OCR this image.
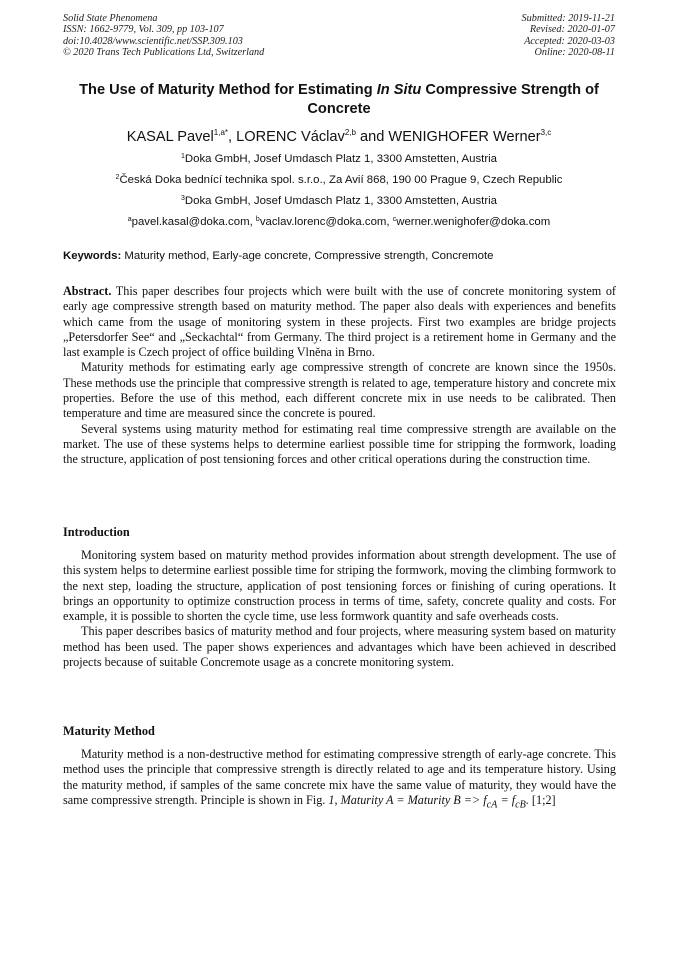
Solid State Phenomena
ISSN: 1662-9779, Vol. 309, pp 103-107
doi:10.4028/www.scientific.net/SSP.309.103
© 2020 Trans Tech Publications Ltd, Switzerland
Submitted: 2019-11-21
Revised: 2020-01-07
Accepted: 2020-03-03
Online: 2020-08-11
The Use of Maturity Method for Estimating In Situ Compressive Strength of Concrete
KASAL Pavel$^{1,a*}$, LORENC Václav$^{2,b}$ and WENIGHOFER Werner$^{3,c}$
$^1$Doka GmbH, Josef Umdasch Platz 1, 3300 Amstetten, Austria
$^2$Česká Doka bednící technika spol. s.r.o., Za Avií 868, 190 00 Prague 9, Czech Republic
$^3$Doka GmbH, Josef Umdasch Platz 1, 3300 Amstetten, Austria
$^a$pavel.kasal@doka.com, $^b$vaclav.lorenc@doka.com, $^c$werner.wenighofer@doka.com
Keywords: Maturity method, Early-age concrete, Compressive strength, Concremote

Abstract. This paper describes four projects which were built with the use of concrete monitoring system of early age compressive strength based on maturity method. The paper also deals with experiences and benefits which came from the usage of monitoring system in these projects. First two examples are bridge projects „Petersdorfer See“ and „Seckachtal“ from Germany. The third project is a retirement home in Germany and the last example is Czech project of office building Vlněna in Brno.

Maturity methods for estimating early age compressive strength of concrete are known since the 1950s. These methods use the principle that compressive strength is related to age, temperature history and concrete mix properties. Before the use of this method, each different concrete mix in use needs to be calibrated. Then temperature and time are measured since the concrete is poured.

Several systems using maturity method for estimating real time compressive strength are available on the market. The use of these systems helps to determine earliest possible time for stripping the formwork, loading the structure, application of post tensioning forces and other critical operations during the construction time.

Introduction

Monitoring system based on maturity method provides information about strength development. The use of this system helps to determine earliest possible time for striping the formwork, moving the climbing formwork to the next step, loading the structure, application of post tensioning forces or finishing of curing operations. It brings an opportunity to optimize construction process in terms of time, safety, concrete quality and costs. For example, it is possible to shorten the cycle time, use less formwork quantity and safe overheads costs.

This paper describes basics of maturity method and four projects, where measuring system based on maturity method has been used. The paper shows experiences and advantages which have been achieved in described projects because of suitable Concremote usage as a concrete monitoring system.

Maturity Method

Maturity method is a non-destructive method for estimating compressive strength of early-age concrete. This method uses the principle that compressive strength is directly related to age and its temperature history. Using the maturity method, if samples of the same concrete mix have the same value of maturity, they would have the same compressive strength. Principle is shown in Fig. 1, Maturity A = Maturity $B => f_{cA} = f_{cB}$. [1;2]
